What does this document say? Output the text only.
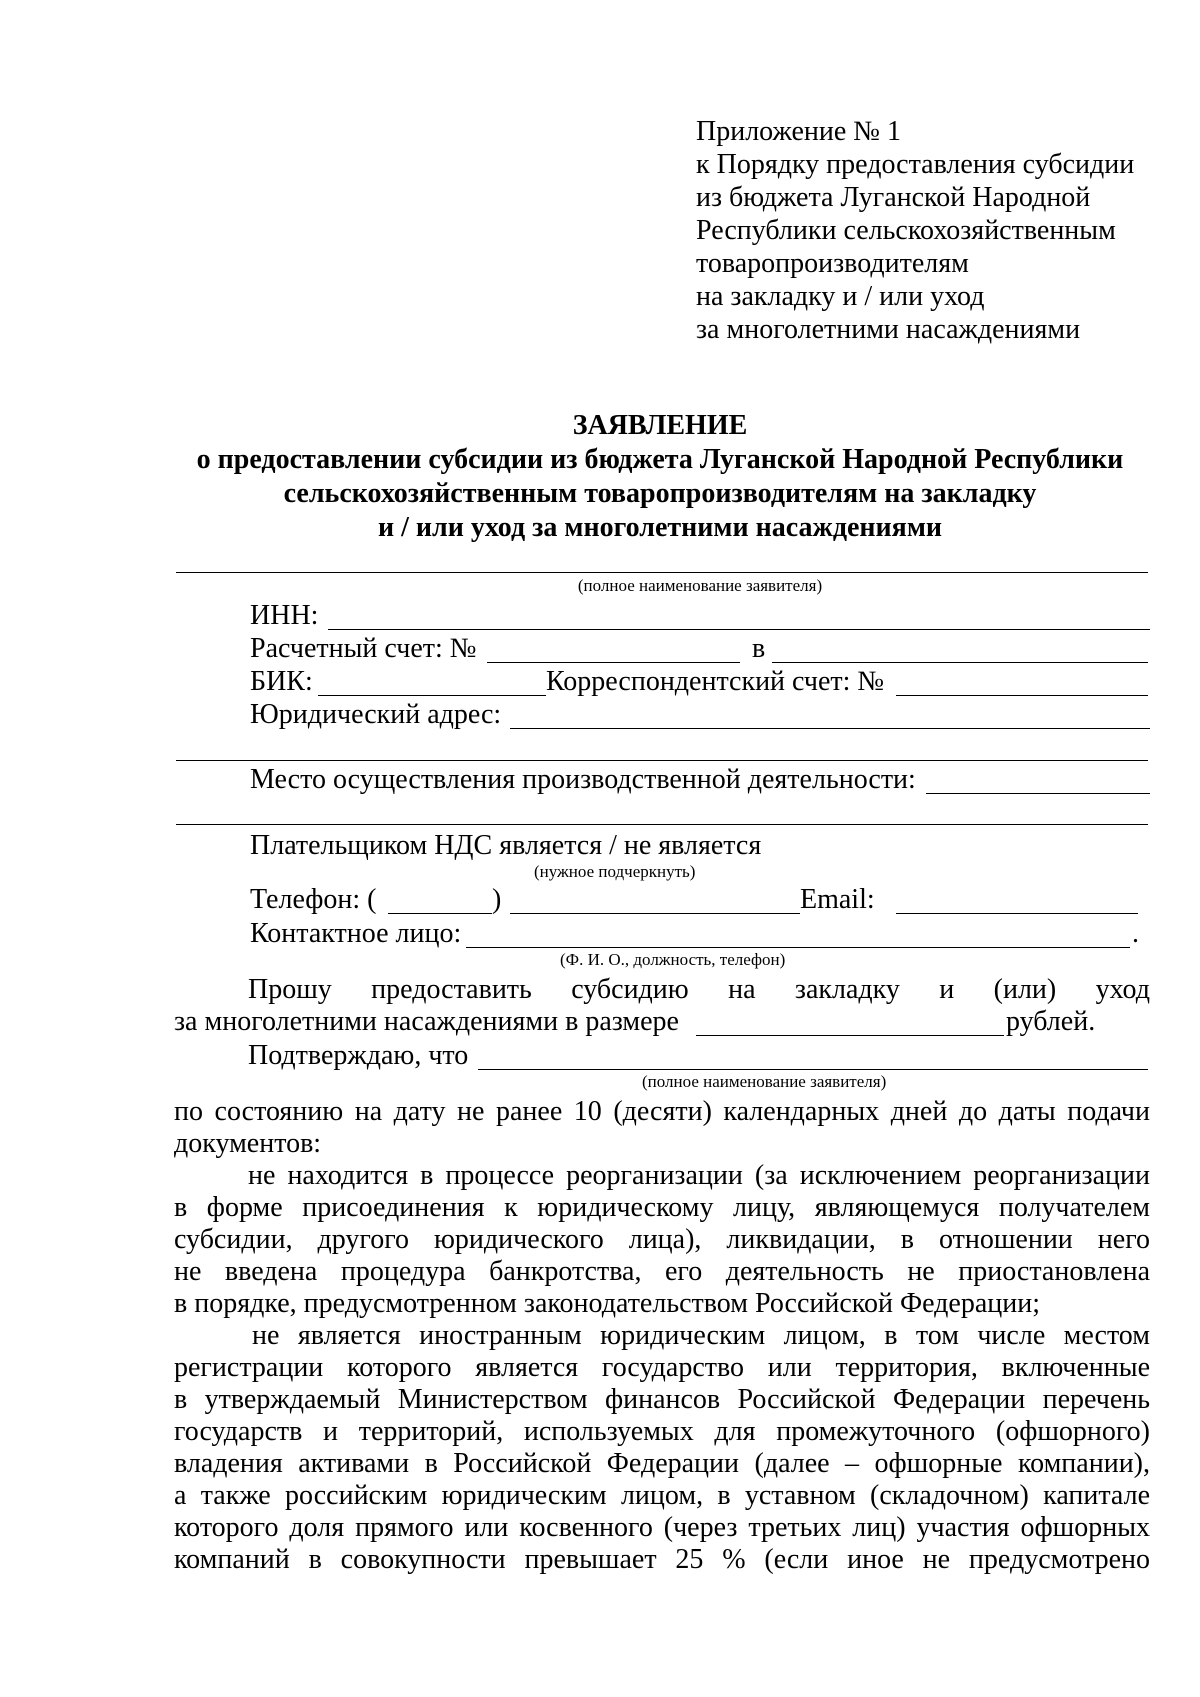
Приложение № 1
к Порядку предоставления субсидии
из бюджета Луганской Народной
Республики сельскохозяйственным
товаропроизводителям
на закладку и / или уход
за многолетними насаждениями
ЗАЯВЛЕНИЕ
о предоставлении субсидии из бюджета Луганской Народной Республики
сельскохозяйственным товаропроизводителям на закладку
и / или уход за многолетними насаждениями
(полное наименование заявителя)
ИНН:
Расчетный счет: №	в
БИК:	Корреспондентский счет: №
Юридический адрес:
Место осуществления производственной деятельности:
Плательщиком НДС является / не является
(нужное подчеркнуть)
Телефон: (	)	Email:
Контактное лицо:	.
(Ф. И. О., должность, телефон)
Прошу предоставить субсидию на закладку и (или) уход
за многолетними насаждениями в размере	рублей.
Подтверждаю, что
(полное наименование заявителя)
по состоянию на дату не ранее 10 (десяти) календарных дней до даты подачи
документов:
не находится в процессе реорганизации (за исключением реорганизации
в форме присоединения к юридическому лицу, являющемуся получателем
субсидии, другого юридического лица), ликвидации, в отношении него
не введена процедура банкротства, его деятельность не приостановлена
в порядке, предусмотренном законодательством Российской Федерации;
не является иностранным юридическим лицом, в том числе местом
регистрации которого является государство или территория, включенные
в утверждаемый Министерством финансов Российской Федерации перечень
государств и территорий, используемых для промежуточного (офшорного)
владения активами в Российской Федерации (далее – офшорные компании),
а также российским юридическим лицом, в уставном (складочном) капитале
которого доля прямого или косвенного (через третьих лиц) участия офшорных
компаний в совокупности превышает 25 % (если иное не предусмотрено
